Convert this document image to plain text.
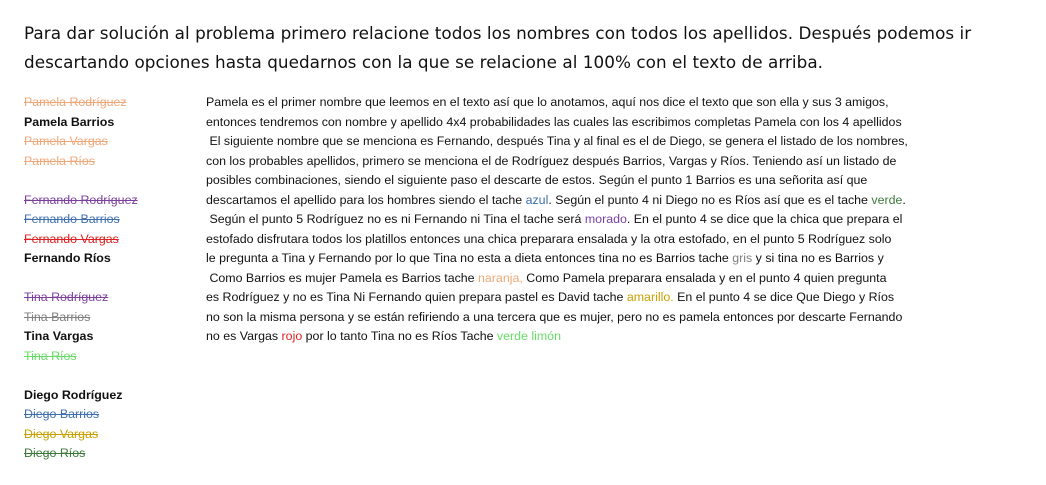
Para dar solución al problema primero relacione todos los nombres con todos los apellidos. Después podemos ir
descartando opciones hasta quedarnos con la que se relacione al 100% con el texto de arriba.
Pamela Rodríguez
Pamela Barrios
Pamela Vargas
Pamela Ríos
Fernando Rodríguez
Fernando Barrios
Fernando Vargas
Fernando Ríos
Tina Rodríguez
Tina Barrios
Tina Vargas
Tina Ríos
Diego Rodríguez
Diego Barrios
Diego Vargas
Diego Ríos
Pamela es el primer nombre que leemos en el texto así que lo anotamos, aquí nos dice el texto que son ella y sus 3 amigos,
entonces tendremos con nombre y apellido 4x4 probabilidades las cuales las escribimos completas Pamela con los 4 apellidos
El siguiente nombre que se menciona es Fernando, después Tina y al final es el de Diego, se genera el listado de los nombres,
con los probables apellidos, primero se menciona el de Rodríguez después Barrios, Vargas y Ríos. Teniendo así un listado de
posibles combinaciones, siendo el siguiente paso el descarte de estos. Según el punto 1 Barrios es una señorita así que
descartamos el apellido para los hombres siendo el tache azul. Según el punto 4 ni Diego no es Ríos así que es el tache verde.
Según el punto 5 Rodríguez no es ni Fernando ni Tina el tache será morado. En el punto 4 se dice que la chica que prepara el
estofado disfrutara todos los platillos entonces una chica preparara ensalada y la otra estofado, en el punto 5 Rodríguez solo
le pregunta a Tina y Fernando por lo que Tina no esta a dieta entonces tina no es Barrios tache gris y si tina no es Barrios y
Como Barrios es mujer Pamela es Barrios tache naranja, Como Pamela preparara ensalada y en el punto 4 quien pregunta
es Rodríguez y no es Tina Ni Fernando quien prepara pastel es David tache amarillo. En el punto 4 se dice Que Diego y Ríos
no son la misma persona y se están refiriendo a una tercera que es mujer, pero no es pamela entonces por descarte Fernando
no es Vargas rojo por lo tanto Tina no es Ríos Tache verde limón
